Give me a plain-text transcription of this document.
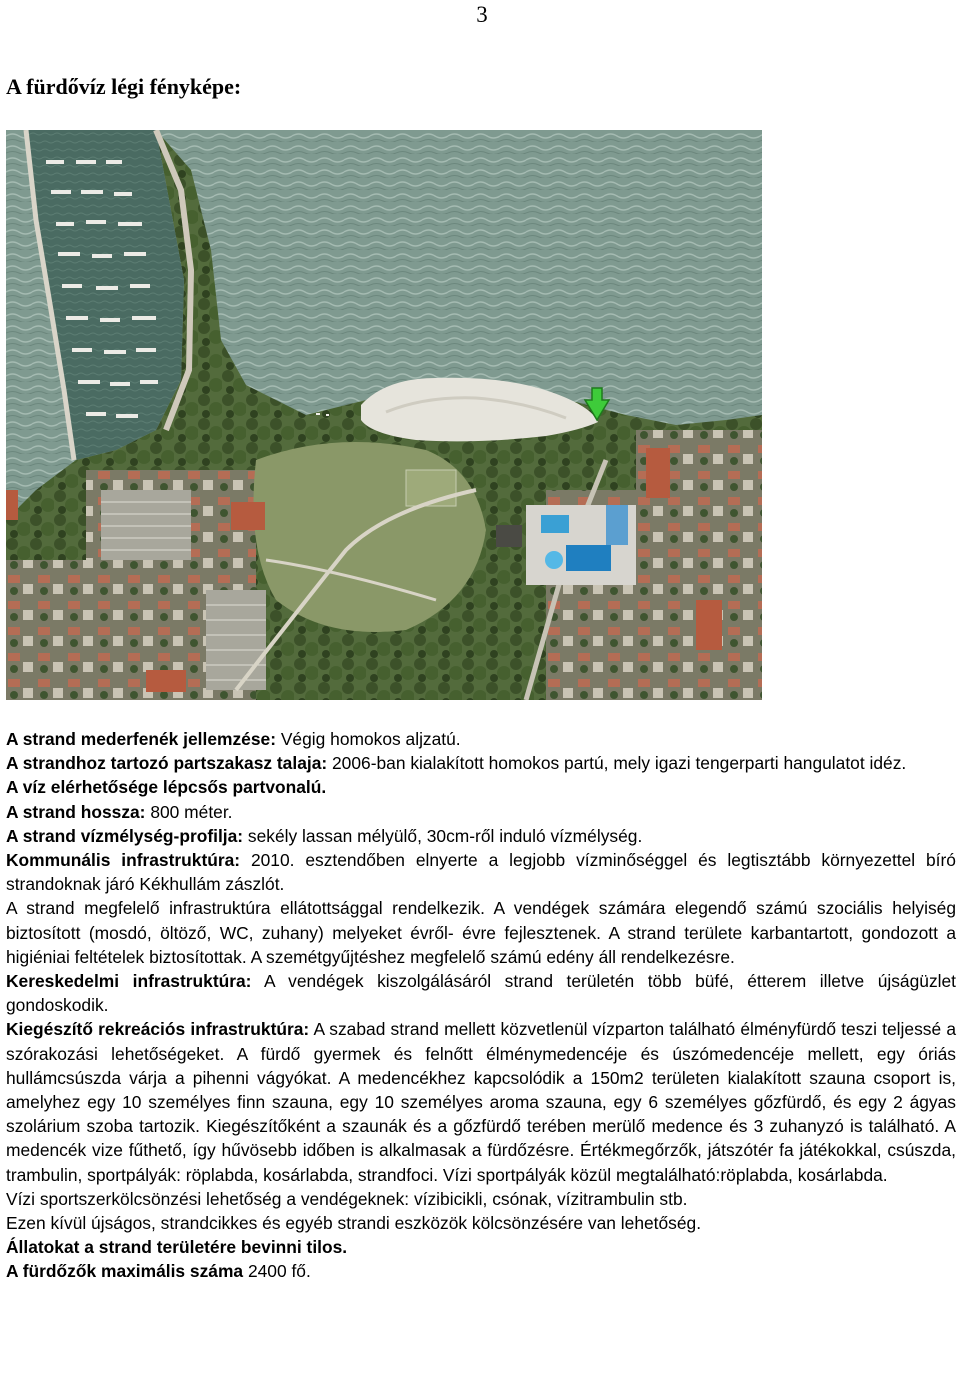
3
A fürdővíz légi fényképe:

A strand mederfenék jellemzése: Végig homokos aljzatú.

A strandhoz tartozó partszakasz talaja: 2006-ban kialakított homokos partú, mely igazi tengerparti hangulatot idéz.

A víz elérhetősége lépcsős partvonalú.

A strand hossza: 800 méter.

A strand vízmélység-profilja: sekély lassan mélyülő, 30cm-ről induló vízmélység.

Kommunális infrastruktúra: 2010. esztendőben elnyerte a legjobb vízminőséggel és legtisztább környezettel bíró strandoknak járó Kékhullám zászlót.

A strand megfelelő infrastruktúra ellátottsággal rendelkezik. A vendégek számára elegendő számú szociális helyiség biztosított (mosdó, öltöző, WC, zuhany) melyeket évről- évre fejlesztenek. A strand területe karbantartott, gondozott a higiéniai feltételek biztosítottak. A szemétgyűjtéshez megfelelő számú edény áll rendelkezésre.

Kereskedelmi infrastruktúra: A vendégek kiszolgálásáról strand területén több büfé, étterem illetve újságüzlet gondoskodik.

Kiegészítő rekreációs infrastruktúra: A szabad strand mellett közvetlenül vízparton található élményfürdő teszi teljessé a szórakozási lehetőségeket. A fürdő gyermek és felnőtt élménymedencéje és úszómedencéje mellett, egy óriás hullámcsúszda várja a pihenni vágyókat. A medencékhez kapcsolódik a 150m2 területen kialakított szauna csoport is, amelyhez egy 10 személyes finn szauna, egy 10 személyes aroma szauna, egy 6 személyes gőzfürdő, és egy 2 ágyas szolárium szoba tartozik. Kiegészítőként a szaunák és a gőzfürdő terében merülő medence és 3 zuhanyzó is található. A medencék vize fűthető, így hűvösebb időben is alkalmasak a fürdőzésre. Értékmegőrzők, játszótér fa játékokkal, csúszda, trambulin, sportpályák: röplabda, kosárlabda, strandfoci. Vízi sportpályák közül megtalálható:röplabda, kosárlabda.

Vízi sportszerkölcsönzési lehetőség a vendégeknek: vízibicikli, csónak, vízitrambulin stb.

Ezen kívül újságos, strandcikkes és egyéb strandi eszközök kölcsönzésére van lehetőség.

Állatokat a strand területére bevinni tilos.

A fürdőzők maximális száma 2400 fő.
